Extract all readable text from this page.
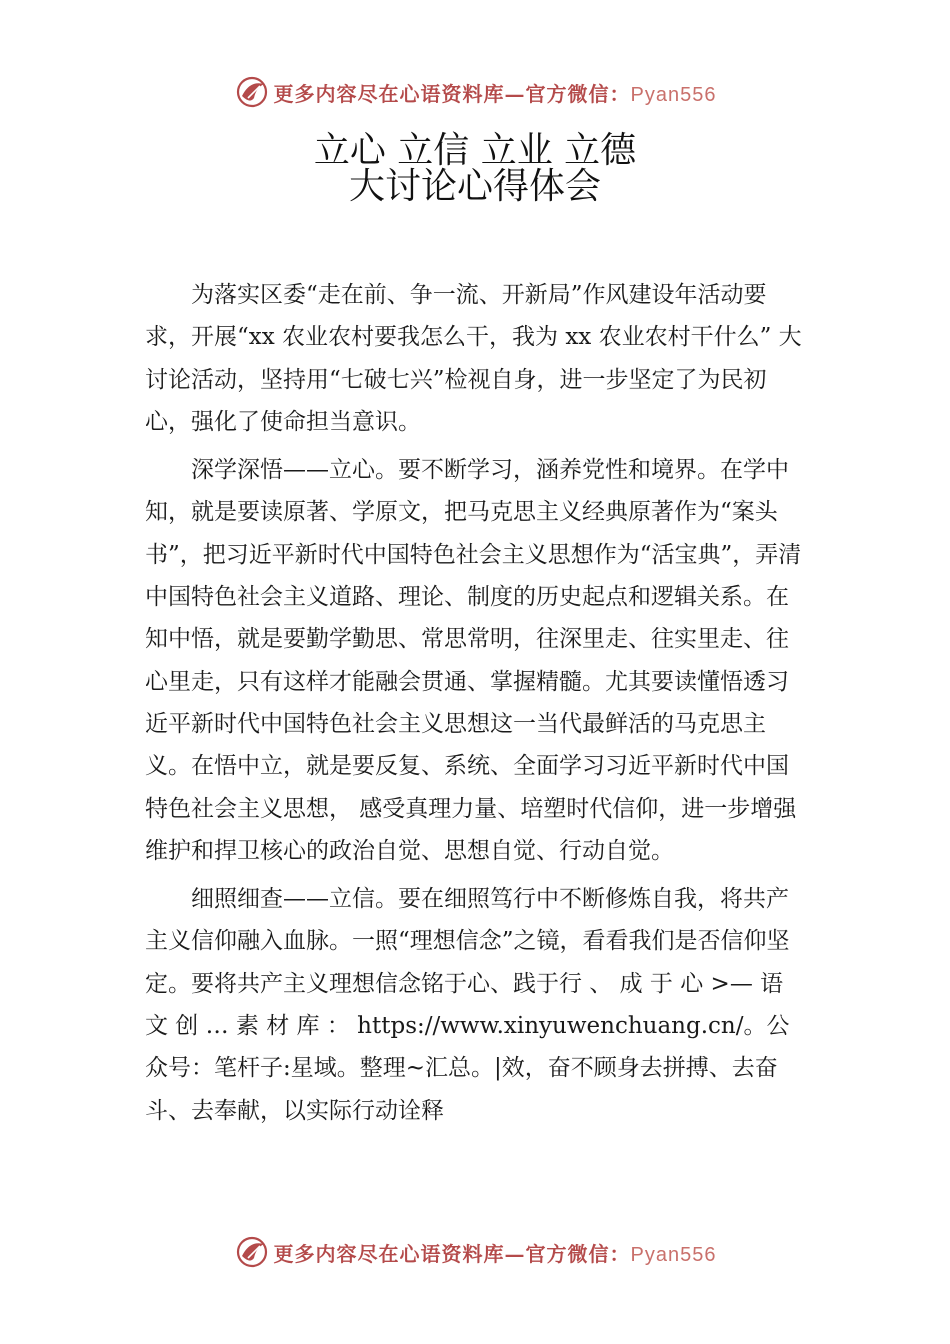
更多内容尽在心语资料库—官方微信：Pyan556
立心 立信 立业 立德
大讨论心得体会

为落实区委“走在前、争一流、开新局”作风建设年活动要求，开展“xx 农业农村要我怎么干，我为 xx 农业农村干什么” 大讨论活动，坚持用“七破七兴”检视自身，进一步坚定了为民初心，强化了使命担当意识。

深学深悟——立心。要不断学习，涵养党性和境界。在学中知，就是要读原著、学原文，把马克思主义经典原著作为“案头书”，把习近平新时代中国特色社会主义思想作为“活宝典”，弄清中国特色社会主义道路、理论、制度的历史起点和逻辑关系。在知中悟，就是要勤学勤思、常思常明，往深里走、往实里走、往心里走，只有这样才能融会贯通、掌握精髓。尤其要读懂悟透习近平新时代中国特色社会主义思想这一当代最鲜活的马克思主义。在悟中立，就是要反复、系统、全面学习习近平新时代中国特色社会主义思想， 感受真理力量、培塑时代信仰，进一步增强维护和捍卫核心的政治自觉、思想自觉、行动自觉。

细照细查——立信。要在细照笃行中不断修炼自我，将共产主义信仰融入血脉。一照“理想信念”之镜，看看我们是否信仰坚定。要将共产主义理想信念铭于心、践于行 、 成 于 心 >— 语 文 创 … 素 材 库 ： https://www.xinyuwenchuang.cn/。公众号：笔杆子:星域。整理~汇总。|效，奋不顾身去拼搏、去奋斗、去奉献，以实际行动诠释

更多内容尽在心语资料库—官方微信：Pyan556
